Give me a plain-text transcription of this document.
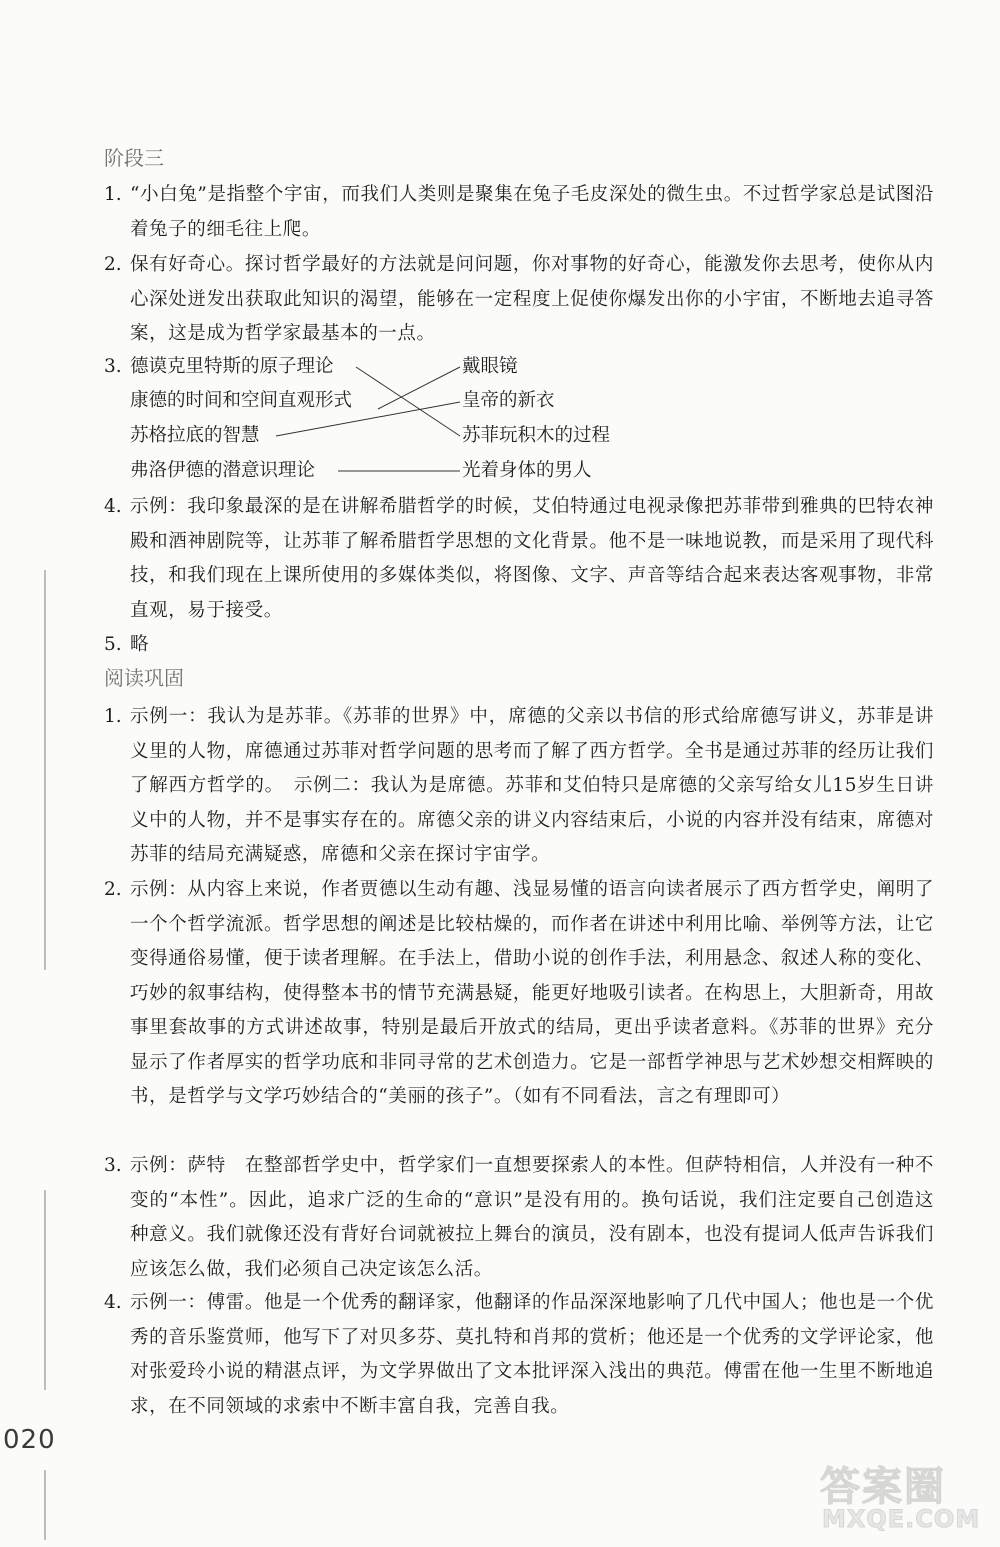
阶段三
1. “小白兔”是指整个宇宙，而我们人类则是聚集在兔子毛皮深处的微生虫。不过哲学家总是试图沿着兔子的细毛往上爬。
2. 保有好奇心。探讨哲学最好的方法就是问问题，你对事物的好奇心，能激发你去思考，使你从内心深处迸发出获取此知识的渴望，能够在一定程度上促使你爆发出你的小宇宙，不断地去追寻答案，这是成为哲学家最基本的一点。
3. 德谟克里特斯的原子理论
康德的时间和空间直观形式
苏格拉底的智慧
弗洛伊德的潜意识理论
戴眼镜
皇帝的新衣
苏菲玩积木的过程
光着身体的男人
4. 示例：我印象最深的是在讲解希腊哲学的时候，艾伯特通过电视录像把苏菲带到雅典的巴特农神殿和酒神剧院等，让苏菲了解希腊哲学思想的文化背景。他不是一味地说教，而是采用了现代科技，和我们现在上课所使用的多媒体类似，将图像、文字、声音等结合起来表达客观事物，非常直观，易于接受。
5. 略
阅读巩固
1. 示例一：我认为是苏菲。《苏菲的世界》中，席德的父亲以书信的形式给席德写讲义，苏菲是讲义里的人物，席德通过苏菲对哲学问题的思考而了解了西方哲学。全书是通过苏菲的经历让我们了解西方哲学的。　示例二：我认为是席德。苏菲和艾伯特只是席德的父亲写给女儿15岁生日讲义中的人物，并不是事实存在的。席德父亲的讲义内容结束后，小说的内容并没有结束，席德对苏菲的结局充满疑惑，席德和父亲在探讨宇宙学。
2. 示例：从内容上来说，作者贾德以生动有趣、浅显易懂的语言向读者展示了西方哲学史，阐明了一个个哲学流派。哲学思想的阐述是比较枯燥的，而作者在讲述中利用比喻、举例等方法，让它变得通俗易懂，便于读者理解。在手法上，借助小说的创作手法，利用悬念、叙述人称的变化、巧妙的叙事结构，使得整本书的情节充满悬疑，能更好地吸引读者。在构思上，大胆新奇，用故事里套故事的方式讲述故事，特别是最后开放式的结局，更出乎读者意料。《苏菲的世界》充分显示了作者厚实的哲学功底和非同寻常的艺术创造力。它是一部哲学神思与艺术妙想交相辉映的书，是哲学与文学巧妙结合的“美丽的孩子”。（如有不同看法，言之有理即可）
3. 示例：萨特　在整部哲学史中，哲学家们一直想要探索人的本性。但萨特相信，人并没有一种不变的“本性”。因此，追求广泛的生命的“意识”是没有用的。换句话说，我们注定要自己创造这种意义。我们就像还没有背好台词就被拉上舞台的演员，没有剧本，也没有提词人低声告诉我们应该怎么做，我们必须自己决定该怎么活。
4. 示例一：傅雷。他是一个优秀的翻译家，他翻译的作品深深地影响了几代中国人；他也是一个优秀的音乐鉴赏师，他写下了对贝多芬、莫扎特和肖邦的赏析；他还是一个优秀的文学评论家，他对张爱玲小说的精湛点评，为文学界做出了文本批评深入浅出的典范。傅雷在他一生里不断地追求，在不同领域的求索中不断丰富自我，完善自我。
020
答案圈
MXQE.COM
